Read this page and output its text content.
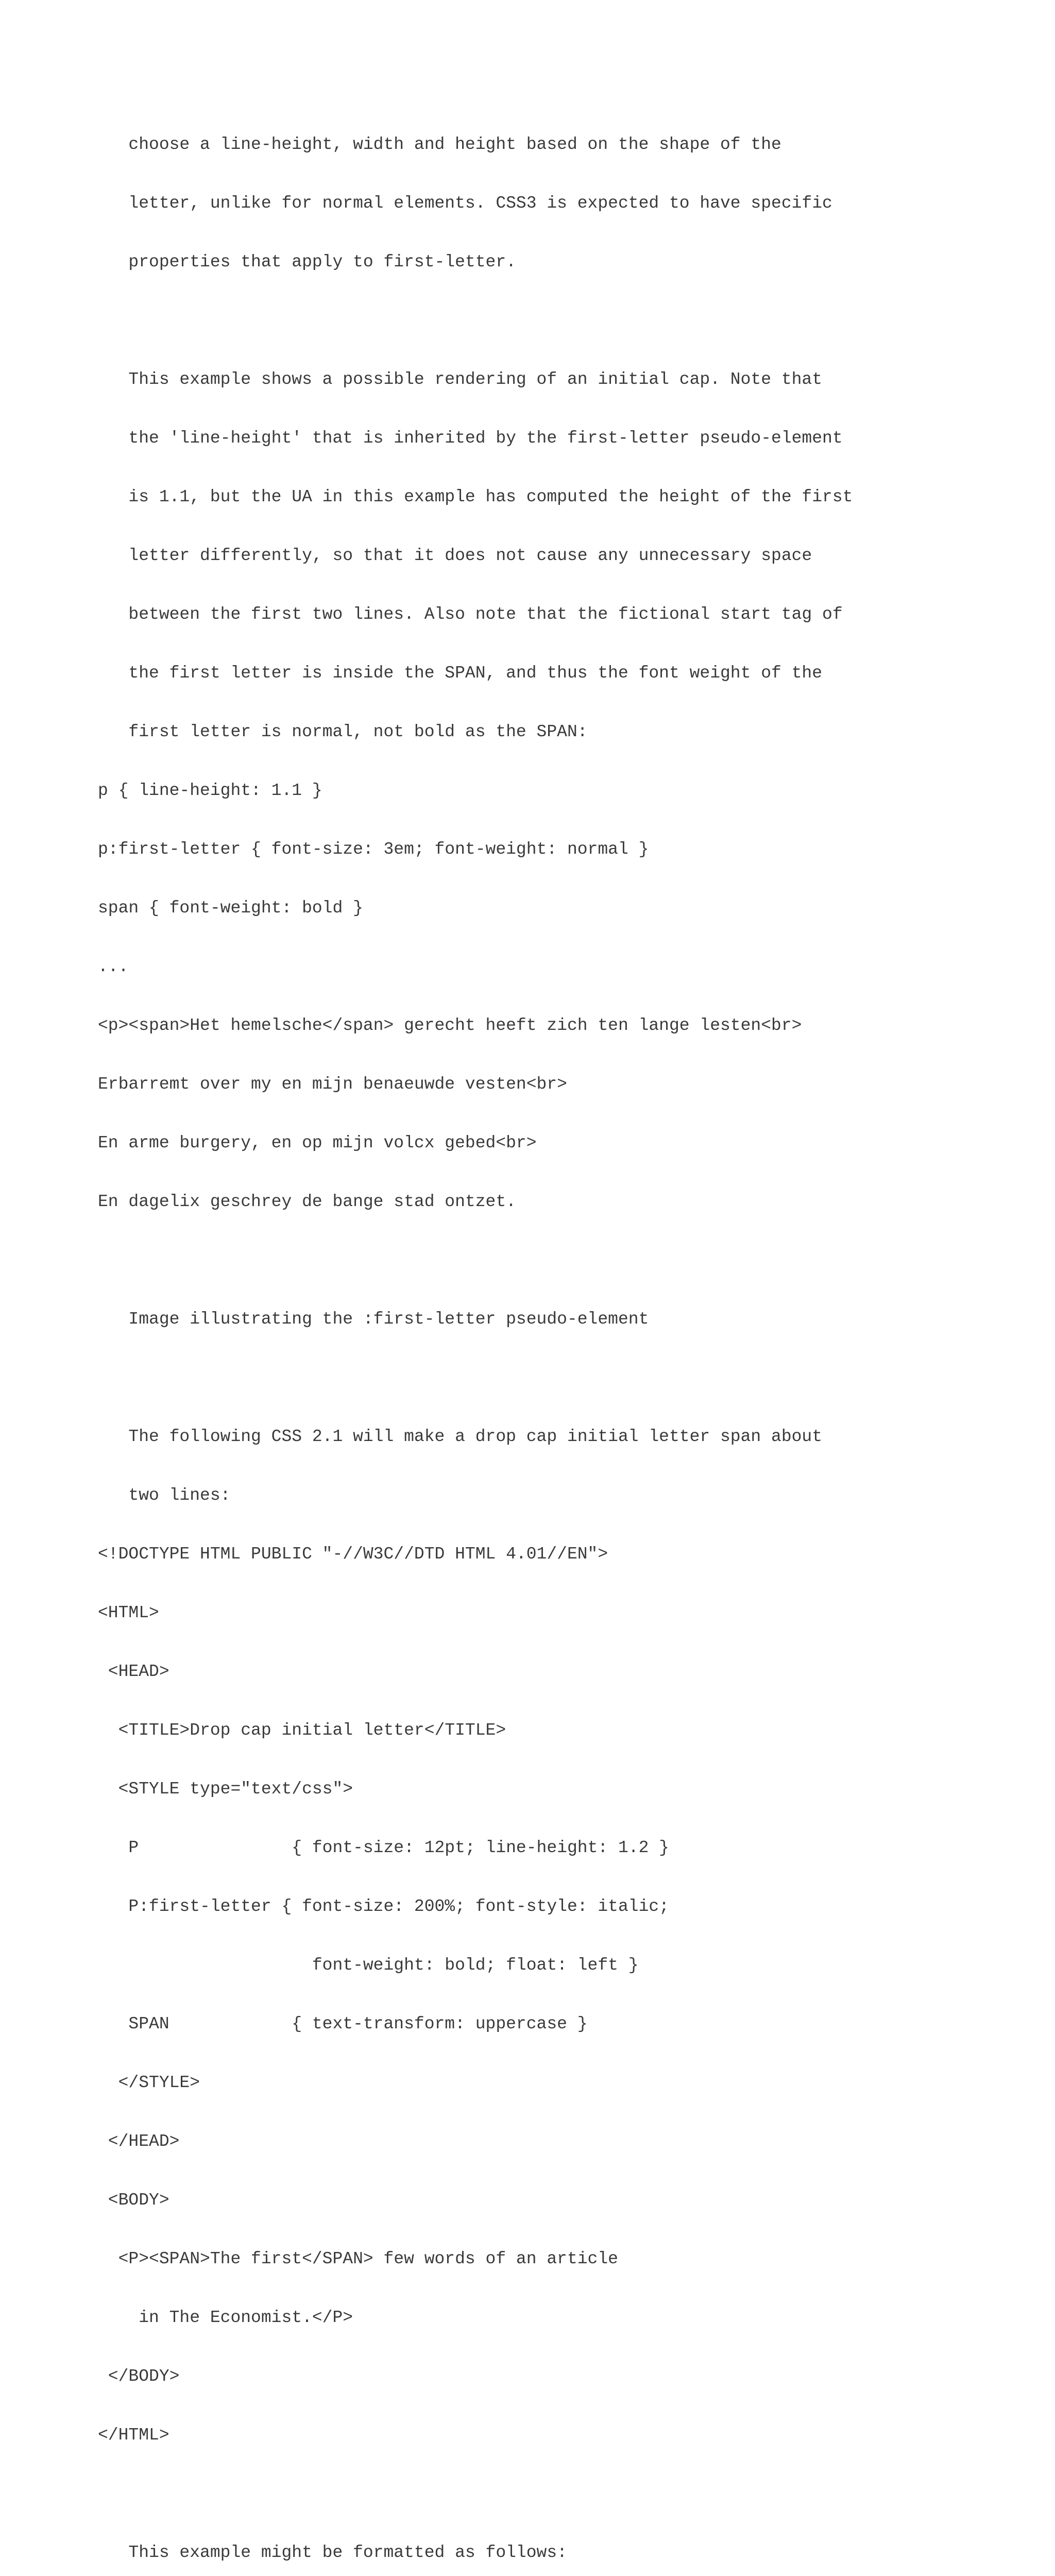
choose a line-height, width and height based on the shape of the

letter, unlike for normal elements. CSS3 is expected to have specific

properties that apply to first-letter.

This example shows a possible rendering of an initial cap. Note that

the 'line-height' that is inherited by the first-letter pseudo-element

is 1.1, but the UA in this example has computed the height of the first

letter differently, so that it does not cause any unnecessary space

between the first two lines. Also note that the fictional start tag of

the first letter is inside the SPAN, and thus the font weight of the

first letter is normal, not bold as the SPAN:

p { line-height: 1.1 }

p:first-letter { font-size: 3em; font-weight: normal }

span { font-weight: bold }

...

<p><span>Het hemelsche</span> gerecht heeft zich ten lange lesten<br>

Erbarremt over my en mijn benaeuwde vesten<br>

En arme burgery, en op mijn volcx gebed<br>

En dagelix geschrey de bange stad ontzet.

Image illustrating the :first-letter pseudo-element

The following CSS 2.1 will make a drop cap initial letter span about

two lines:

<!DOCTYPE HTML PUBLIC "-//W3C//DTD HTML 4.01//EN">

<HTML>

<HEAD>

<TITLE>Drop cap initial letter</TITLE>

<STYLE type="text/css">

P               { font-size: 12pt; line-height: 1.2 }

P:first-letter { font-size: 200%; font-style: italic;

font-weight: bold; float: left }

SPAN            { text-transform: uppercase }

</STYLE>

</HEAD>

<BODY>

<P><SPAN>The first</SPAN> few words of an article

in The Economist.</P>

</BODY>

</HTML>

This example might be formatted as follows:
